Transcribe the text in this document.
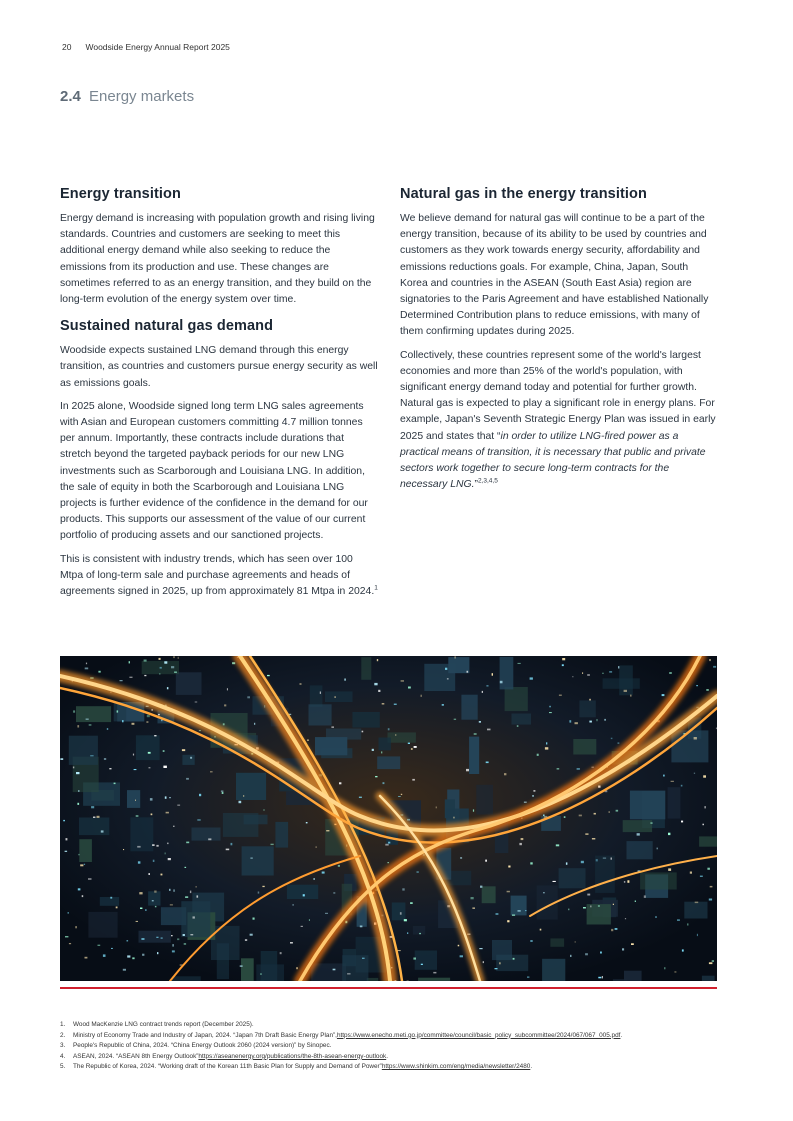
20 Woodside Energy Annual Report 2025
2.4 Energy markets
Energy transition

Energy demand is increasing with population growth and rising living standards. Countries and customers are seeking to meet this additional energy demand while also seeking to reduce the emissions from its production and use. These changes are sometimes referred to as an energy transition, and they build on the long-term evolution of the energy system over time.

Sustained natural gas demand

Woodside expects sustained LNG demand through this energy transition, as countries and customers pursue energy security as well as emissions goals.

In 2025 alone, Woodside signed long term LNG sales agreements with Asian and European customers committing 4.7 million tonnes per annum. Importantly, these contracts include durations that stretch beyond the targeted payback periods for our new LNG investments such as Scarborough and Louisiana LNG. In addition, the sale of equity in both the Scarborough and Louisiana LNG projects is further evidence of the confidence in the demand for our products. This supports our assessment of the value of our current portfolio of producing assets and our sanctioned projects.

This is consistent with industry trends, which has seen over 100 Mtpa of long-term sale and purchase agreements and heads of agreements signed in 2025, up from approximately 81 Mtpa in 2024.$^1$

Natural gas in the energy transition

We believe demand for natural gas will continue to be a part of the energy transition, because of its ability to be used by countries and customers as they work towards energy security, affordability and emissions reductions goals. For example, China, Japan, South Korea and countries in the ASEAN (South East Asia) region are signatories to the Paris Agreement and have established Nationally Determined Contribution plans to reduce emissions, with many of them confirming updates during 2025.

Collectively, these countries represent some of the world's largest economies and more than 25% of the world's population, with significant energy demand today and potential for further growth. Natural gas is expected to play a significant role in energy plans. For example, Japan's Seventh Strategic Energy Plan was issued in early 2025 and states that “in order to utilize LNG-fired power as a practical means of transition, it is necessary that public and private sectors work together to secure long-term contracts for the necessary LNG.”$^{2,3,4,5}$

1.	Wood MacKenzie LNG contract trends report (December 2025).
2.	Ministry of Economy Trade and Industry of Japan, 2024. “Japan 7th Draft Basic Energy Plan”, https://www.enecho.meti.go.jp/committee/council/basic_policy_subcommittee/2024/067/067_005.pdf .
3.	People's Republic of China, 2024. “China Energy Outlook 2060 (2024 version)” by Sinopec.
4.	ASEAN, 2024. “ASEAN 8th Energy Outlook” https://aseanenergy.org/publications/the-8th-asean-energy-outlook .
5.	The Republic of Korea, 2024. “Working draft of the Korean 11th Basic Plan for Supply and Demand of Power” https://www.shinkim.com/eng/media/newsletter/2480 .
